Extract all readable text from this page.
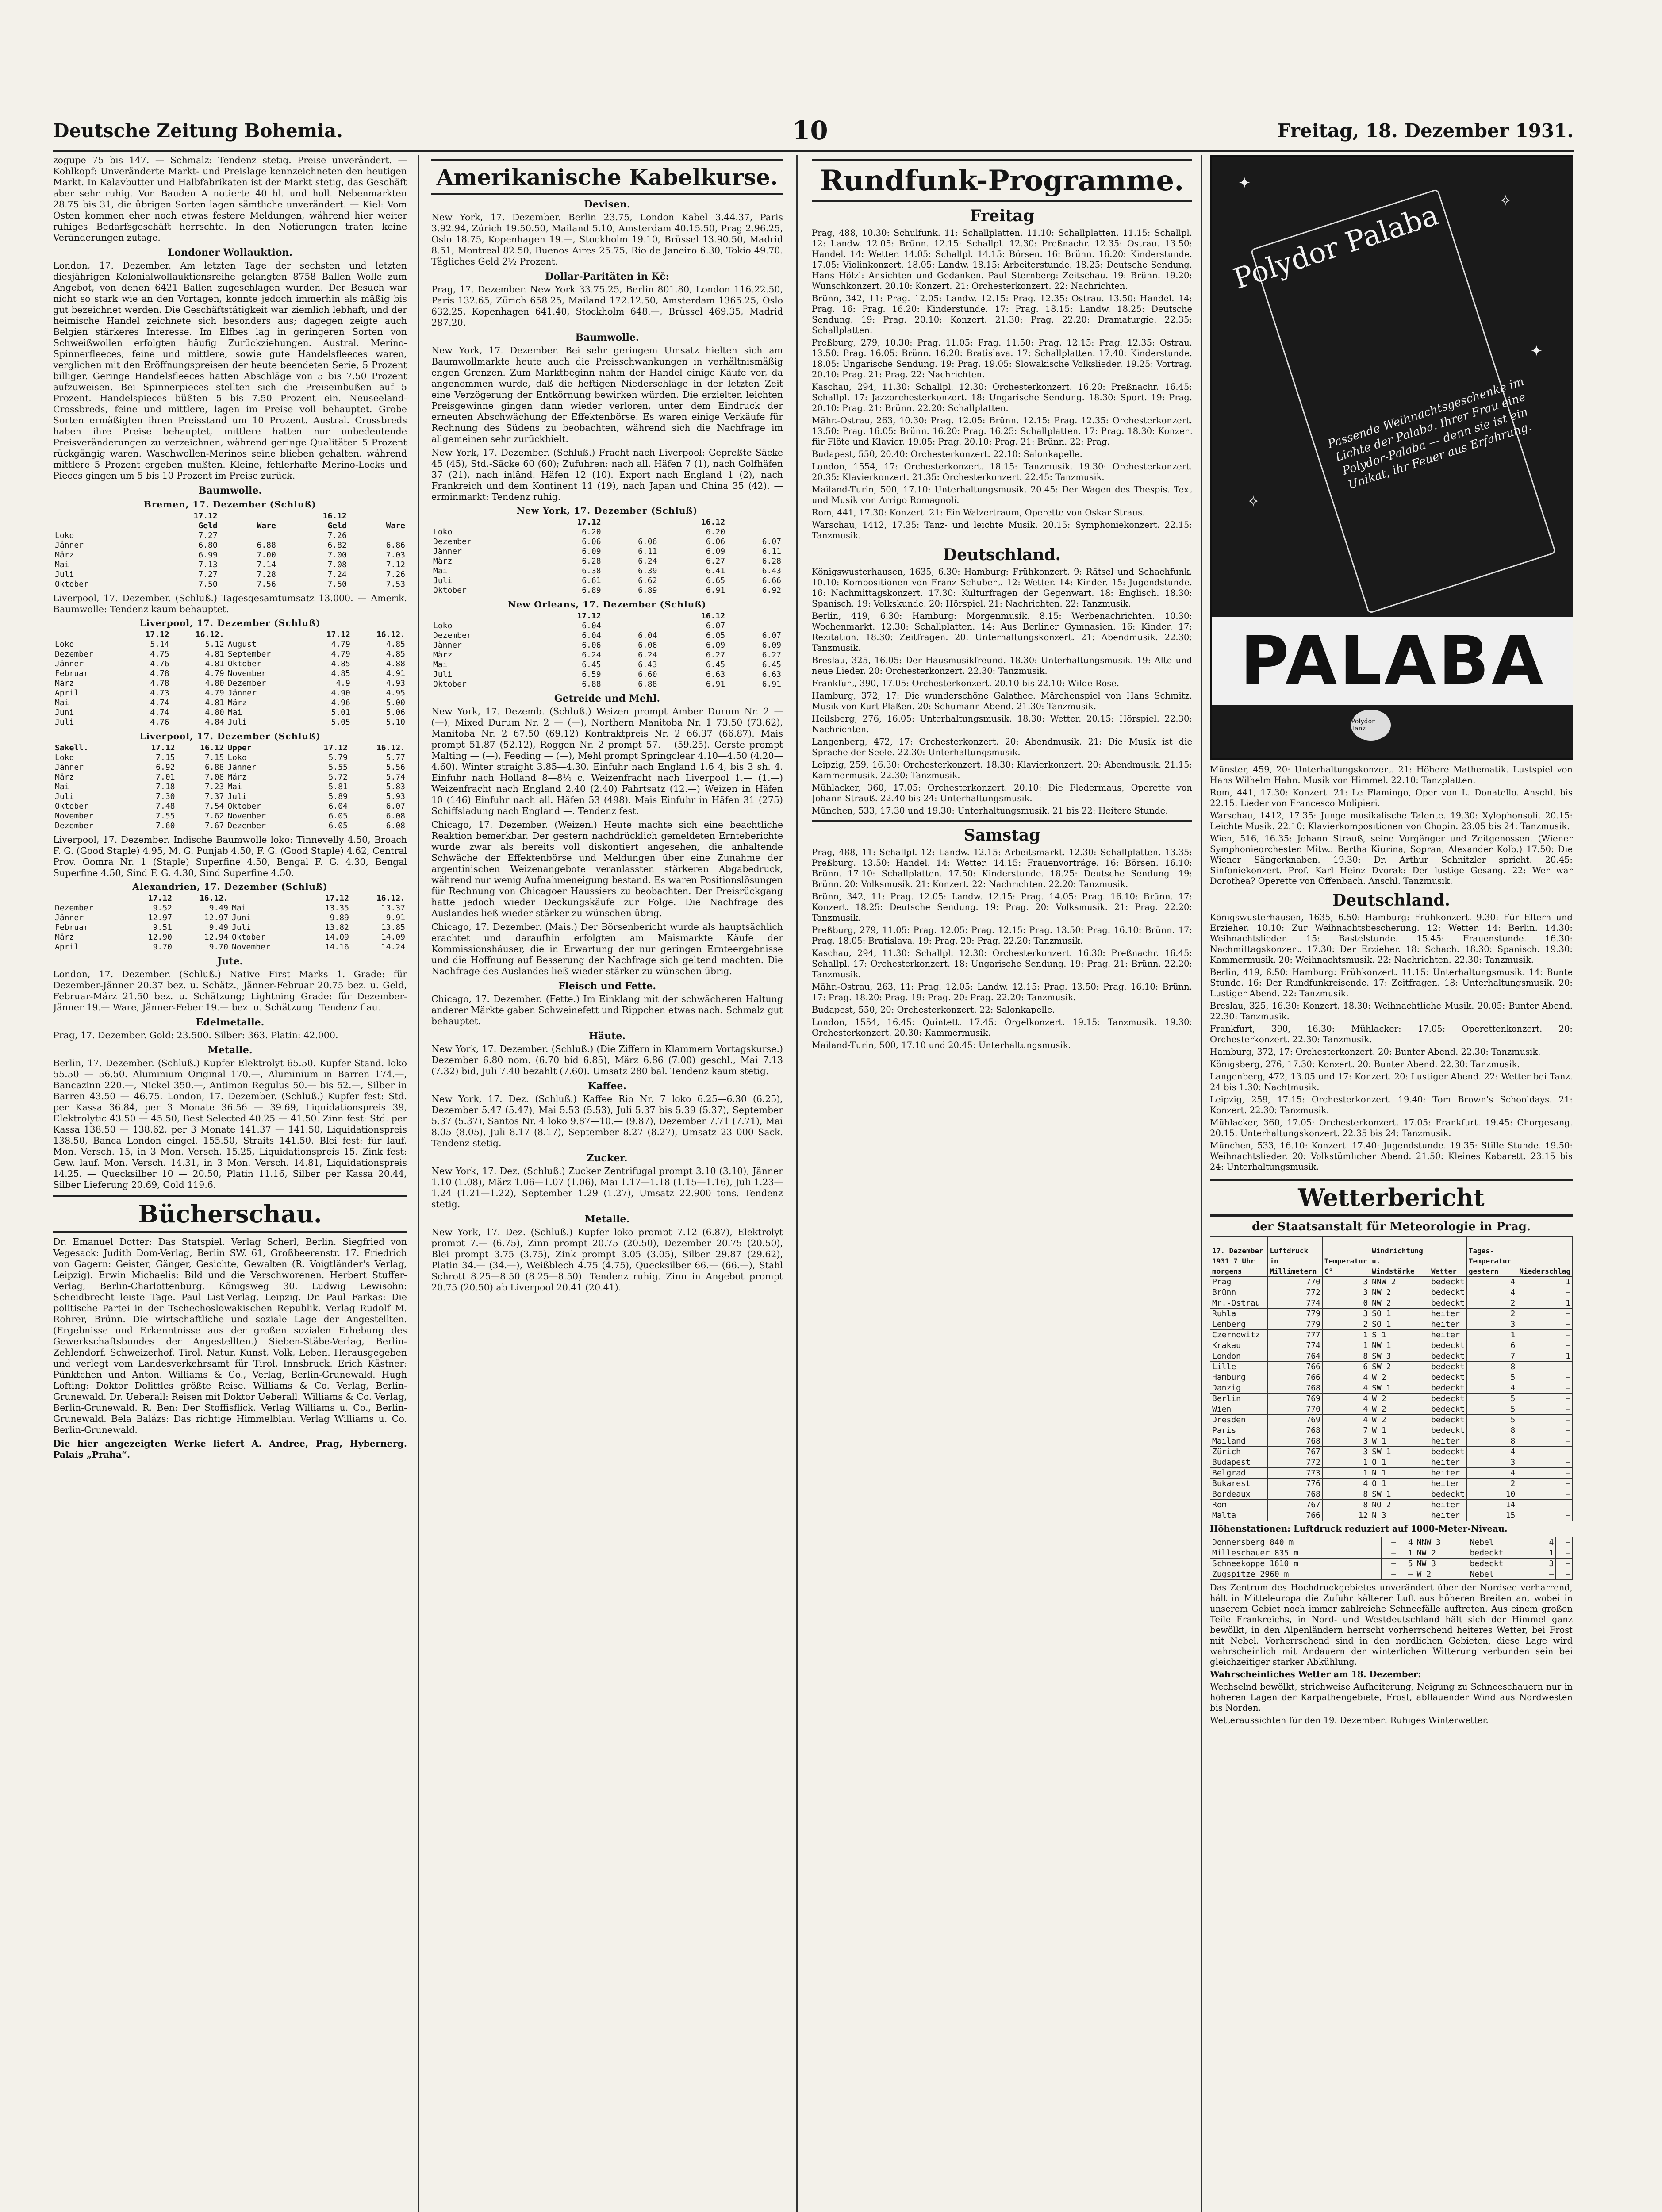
Deutsche Zeitung Bohemia.	10	Freitag, 18. Dezember 1931.

zogupe 75 bis 147. — Schmalz: Tendenz stetig. Preise unverändert. — Kohlkopf: Unveränderte Markt- und Preislage kennzeichneten den heutigen Markt. In Kalavbutter und Halbfabrikaten ist der Markt stetig, das Geschäft aber sehr ruhig. Von Bauden A notierte 40 hl. und holl. Nebenmarkten 28.75 bis 31, die übrigen Sorten lagen sämtliche unverändert. — Kiel: Vom Osten kommen eher noch etwas festere Meldungen, während hier weiter ruhiges Bedarfsgeschäft herrschte. In den Notierungen traten keine Veränderungen zutage.

Londoner Wollauktion.

London, 17. Dezember. Am letzten Tage der sechsten und letzten diesjährigen Kolonialwollauktionsreihe gelangten 8758 Ballen Wolle zum Angebot, von denen 6421 Ballen zugeschlagen wurden. Der Besuch war nicht so stark wie an den Vortagen, konnte jedoch immerhin als mäßig bis gut bezeichnet werden. Die Geschäftstätigkeit war ziemlich lebhaft, und der heimische Handel zeichnete sich besonders aus; dagegen zeigte auch Belgien stärkeres Interesse. Im Elfbes lag in geringeren Sorten von Schweißwollen erfolgten häufig Zurückziehungen. Austral. Merino-Spinnerfleeces, feine und mittlere, sowie gute Handelsfleeces waren, verglichen mit den Eröffnungspreisen der heute beendeten Serie, 5 Prozent billiger. Geringe Handelsfleeces hatten Abschläge von 5 bis 7.50 Prozent aufzuweisen. Bei Spinnerpieces stellten sich die Preiseinbußen auf 5 Prozent. Handelspieces büßten 5 bis 7.50 Prozent ein. Neuseeland-Crossbreds, feine und mittlere, lagen im Preise voll behauptet. Grobe Sorten ermäßigten ihren Preisstand um 10 Prozent. Austral. Crossbreds haben ihre Preise behauptet, mittlere hatten nur unbedeutende Preisveränderungen zu verzeichnen, während geringe Qualitäten 5 Prozent rückgängig waren. Waschwollen-Merinos seine blieben gehalten, während mittlere 5 Prozent ergeben mußten. Kleine, fehlerhafte Merino-Locks und Pieces gingen um 5 bis 10 Prozent im Preise zurück.

Baumwolle.
Bremen, 17. Dezember (Schluß)
	17.12		16.12	
	Geld	Ware	Geld	Ware
Loko	7.27		7.26	
Jänner	6.80	6.88	6.82	6.86
März	6.99	7.00	7.00	7.03
Mai	7.13	7.14	7.08	7.12
Juli	7.27	7.28	7.24	7.26
Oktober	7.50	7.56	7.50	7.53

Liverpool, 17. Dezember. (Schluß.) Tagesgesamtumsatz 13.000. — Amerik. Baumwolle: Tendenz kaum behauptet.

Liverpool, 17. Dezember (Schluß)
	17.12	16.12.		17.12	16.12.
Loko	5.14	5.12	August	4.79	4.85
Dezember	4.75	4.81	September	4.79	4.85
Jänner	4.76	4.81	Oktober	4.85	4.88
Februar	4.78	4.79	November	4.85	4.91
März	4.78	4.80	Dezember	4.9	4.93
April	4.73	4.79	Jänner	4.90	4.95
Mai	4.74	4.81	März	4.96	5.00
Juni	4.74	4.80	Mai	5.01	5.06
Juli	4.76	4.84	Juli	5.05	5.10
Liverpool, 17. Dezember (Schluß)
Sakell.	17.12	16.12	Upper	17.12	16.12.
Loko	7.15	7.15	Loko	5.79	5.77
Jänner	6.92	6.88	Jänner	5.55	5.56
März	7.01	7.08	März	5.72	5.74
Mai	7.18	7.23	Mai	5.81	5.83
Juli	7.30	7.37	Juli	5.89	5.93
Oktober	7.48	7.54	Oktober	6.04	6.07
November	7.55	7.62	November	6.05	6.08
Dezember	7.60	7.67	Dezember	6.05	6.08

Liverpool, 17. Dezember. Indische Baumwolle loko: Tinnevelly 4.50, Broach F. G. (Good Staple) 4.95, M. G. Punjab 4.50, F. G. (Good Staple) 4.62, Central Prov. Oomra Nr. 1 (Staple) Superfine 4.50, Bengal F. G. 4.30, Bengal Superfine 4.50, Sind F. G. 4.30, Sind Superfine 4.50.

Alexandrien, 17. Dezember (Schluß)
	17.12	16.12.		17.12	16.12.
Dezember	9.52	9.49	Mai	13.35	13.37
Jänner	12.97	12.97	Juni	9.89	9.91
Februar	9.51	9.49	Juli	13.82	13.85
März	12.90	12.94	Oktober	14.09	14.09
April	9.70	9.70	November	14.16	14.24
Jute.

London, 17. Dezember. (Schluß.) Native First Marks 1. Grade: für Dezember-Jänner 20.37 bez. u. Schätz., Jänner-Februar 20.75 bez. u. Geld, Februar-März 21.50 bez. u. Schätzung; Lightning Grade: für Dezember-Jänner 19.— Ware, Jänner-Feber 19.— bez. u. Schätzung. Tendenz flau.

Edelmetalle.

Prag, 17. Dezember. Gold: 23.500. Silber: 363. Platin: 42.000.

Metalle.

Berlin, 17. Dezember. (Schluß.) Kupfer Elektrolyt 65.50. Kupfer Stand. loko 55.50 — 56.50. Aluminium Original 170.—, Aluminium in Barren 174.—, Bancazinn 220.—, Nickel 350.—, Antimon Regulus 50.— bis 52.—, Silber in Barren 43.50 — 46.75. London, 17. Dezember. (Schluß.) Kupfer fest: Std. per Kassa 36.84, per 3 Monate 36.56 — 39.69, Liquidationspreis 39, Elektrolytic 43.50 — 45.50, Best Selected 40.25 — 41.50. Zinn fest: Std. per Kassa 138.50 — 138.62, per 3 Monate 141.37 — 141.50, Liquidationspreis 138.50, Banca London eingel. 155.50, Straits 141.50. Blei fest: für lauf. Mon. Versch. 15, in 3 Mon. Versch. 15.25, Liquidationspreis 15. Zink fest: Gew. lauf. Mon. Versch. 14.31, in 3 Mon. Versch. 14.81, Liquidationspreis 14.25. — Quecksilber 10 — 20.50, Platin 11.16, Silber per Kassa 20.44, Silber Lieferung 20.69, Gold 119.6.

Bücherschau.

Dr. Emanuel Dotter: Das Statspiel. Verlag Scherl, Berlin. Siegfried von Vegesack: Judith Dom-Verlag, Berlin SW. 61, Großbeerenstr. 17. Friedrich von Gagern: Geister, Gänger, Gesichte, Gewalten (R. Voigtländer's Verlag, Leipzig). Erwin Michaelis: Bild und die Verschworenen. Herbert Stuffer-Verlag, Berlin-Charlottenburg, Königsweg 30. Ludwig Lewisohn: Scheidbrecht leiste Tage. Paul List-Verlag, Leipzig. Dr. Paul Farkas: Die politische Partei in der Tschechoslowakischen Republik. Verlag Rudolf M. Rohrer, Brünn. Die wirtschaftliche und soziale Lage der Angestellten. (Ergebnisse und Erkenntnisse aus der großen sozialen Erhebung des Gewerkschaftsbundes der Angestellten.) Sieben-Stäbe-Verlag, Berlin-Zehlendorf, Schweizerhof. Tirol. Natur, Kunst, Volk, Leben. Herausgegeben und verlegt vom Landesverkehrsamt für Tirol, Innsbruck. Erich Kästner: Pünktchen und Anton. Williams & Co., Verlag, Berlin-Grunewald. Hugh Lofting: Doktor Dolittles größte Reise. Williams & Co. Verlag, Berlin-Grunewald. Dr. Ueberall: Reisen mit Doktor Ueberall. Williams & Co. Verlag, Berlin-Grunewald. R. Ben: Der Stoffisflick. Verlag Williams u. Co., Berlin-Grunewald. Bela Balázs: Das richtige Himmelblau. Verlag Williams u. Co. Berlin-Grunewald.

Die hier angezeigten Werke liefert A. Andree, Prag, Hybernerg. Palais „Praha“.

Amerikanische Kabelkurse.
Devisen.

New York, 17. Dezember. Berlin 23.75, London Kabel 3.44.37, Paris 3.92.94, Zürich 19.50.50, Mailand 5.10, Amsterdam 40.15.50, Prag 2.96.25, Oslo 18.75, Kopenhagen 19.—, Stockholm 19.10, Brüssel 13.90.50, Madrid 8.51, Montreal 82.50, Buenos Aires 25.75, Rio de Janeiro 6.30, Tokio 49.70. Tägliches Geld 2½ Prozent.

Dollar-Paritäten in Kč:

Prag, 17. Dezember. New York 33.75.25, Berlin 801.80, London 116.22.50, Paris 132.65, Zürich 658.25, Mailand 172.12.50, Amsterdam 1365.25, Oslo 632.25, Kopenhagen 641.40, Stockholm 648.—, Brüssel 469.35, Madrid 287.20.

Baumwolle.

New York, 17. Dezember. Bei sehr geringem Umsatz hielten sich am Baumwollmarkte heute auch die Preisschwankungen in verhältnismäßig engen Grenzen. Zum Marktbeginn nahm der Handel einige Käufe vor, da angenommen wurde, daß die heftigen Niederschläge in der letzten Zeit eine Verzögerung der Entkörnung bewirken würden. Die erzielten leichten Preisgewinne gingen dann wieder verloren, unter dem Eindruck der erneuten Abschwächung der Effektenbörse. Es waren einige Verkäufe für Rechnung des Südens zu beobachten, während sich die Nachfrage im allgemeinen sehr zurückhielt.

New York, 17. Dezember. (Schluß.) Fracht nach Liverpool: Gepreßte Säcke 45 (45), Std.-Säcke 60 (60); Zufuhren: nach all. Häfen 7 (1), nach Golfhäfen 37 (21), nach inländ. Häfen 12 (10). Export nach England 1 (2), nach Frankreich und dem Kontinent 11 (19), nach Japan und China 35 (42). — erminmarkt: Tendenz ruhig.

New York, 17. Dezember (Schluß)
	17.12		16.12	
Loko	6.20		6.20	
Dezember	6.06	6.06	6.06	6.07
Jänner	6.09	6.11	6.09	6.11
März	6.28	6.24	6.27	6.28
Mai	6.38	6.39	6.41	6.43
Juli	6.61	6.62	6.65	6.66
Oktober	6.89	6.89	6.91	6.92
New Orleans, 17. Dezember (Schluß)
	17.12		16.12	
Loko	6.04		6.07	
Dezember	6.04	6.04	6.05	6.07
Jänner	6.06	6.06	6.09	6.09
März	6.24	6.24	6.27	6.27
Mai	6.45	6.43	6.45	6.45
Juli	6.59	6.60	6.63	6.63
Oktober	6.88	6.88	6.91	6.91
Getreide und Mehl.

New York, 17. Dezemb. (Schluß.) Weizen prompt Amber Durum Nr. 2 — (—), Mixed Durum Nr. 2 — (—), Northern Manitoba Nr. 1 73.50 (73.62), Manitoba Nr. 2 67.50 (69.12) Kontraktpreis Nr. 2 66.37 (66.87). Mais prompt 51.87 (52.12), Roggen Nr. 2 prompt 57.— (59.25). Gerste prompt Malting — (—), Feeding — (—), Mehl prompt Springclear 4.10—4.50 (4.20—4.60). Winter straight 3.85—4.30. Einfuhr nach England 1.6 4, bis 3 sh. 4. Einfuhr nach Holland 8—8¼ c. Weizenfracht nach Liverpool 1.— (1.—) Weizenfracht nach England 2.40 (2.40) Fahrtsatz (12.—) Weizen in Häfen 10 (146) Einfuhr nach all. Häfen 53 (498). Mais Einfuhr in Häfen 31 (275) Schiffsladung nach England —. Tendenz fest.

Chicago, 17. Dezember. (Weizen.) Heute machte sich eine beachtliche Reaktion bemerkbar. Der gestern nachdrücklich gemeldeten Ernteberichte wurde zwar als bereits voll diskontiert angesehen, die anhaltende Schwäche der Effektenbörse und Meldungen über eine Zunahme der argentinischen Weizenangebote veranlassten stärkeren Abgabedruck, während nur wenig Aufnahmeneigung bestand. Es waren Positionslösungen für Rechnung von Chicagoer Haussiers zu beobachten. Der Preisrückgang hatte jedoch wieder Deckungskäufe zur Folge. Die Nachfrage des Auslandes ließ wieder stärker zu wünschen übrig.

Chicago, 17. Dezember. (Mais.) Der Börsenbericht wurde als hauptsächlich erachtet und daraufhin erfolgten am Maismarkte Käufe der Kommissionshäuser, die in Erwartung der nur geringen Ernteergebnisse und die Hoffnung auf Besserung der Nachfrage sich geltend machten. Die Nachfrage des Auslandes ließ wieder stärker zu wünschen übrig.

Fleisch und Fette.

Chicago, 17. Dezember. (Fette.) Im Einklang mit der schwächeren Haltung anderer Märkte gaben Schweinefett und Rippchen etwas nach. Schmalz gut behauptet.

Häute.

New York, 17. Dezember. (Schluß.) (Die Ziffern in Klammern Vortagskurse.) Dezember 6.80 nom. (6.70 bid 6.85), März 6.86 (7.00) geschl., Mai 7.13 (7.32) bid, Juli 7.40 bezahlt (7.60). Umsatz 280 bal. Tendenz kaum stetig.

Kaffee.

New York, 17. Dez. (Schluß.) Kaffee Rio Nr. 7 loko 6.25—6.30 (6.25), Dezember 5.47 (5.47), Mai 5.53 (5.53), Juli 5.37 bis 5.39 (5.37), September 5.37 (5.37), Santos Nr. 4 loko 9.87—10.— (9.87), Dezember 7.71 (7.71), Mai 8.05 (8.05), Juli 8.17 (8.17), September 8.27 (8.27), Umsatz 23 000 Sack. Tendenz stetig.

Zucker.

New York, 17. Dez. (Schluß.) Zucker Zentrifugal prompt 3.10 (3.10), Jänner 1.10 (1.08), März 1.06—1.07 (1.06), Mai 1.17—1.18 (1.15—1.16), Juli 1.23—1.24 (1.21—1.22), September 1.29 (1.27), Umsatz 22.900 tons. Tendenz stetig.

Metalle.

New York, 17. Dez. (Schluß.) Kupfer loko prompt 7.12 (6.87), Elektrolyt prompt 7.— (6.75), Zinn prompt 20.75 (20.50), Dezember 20.75 (20.50), Blei prompt 3.75 (3.75), Zink prompt 3.05 (3.05), Silber 29.87 (29.62), Platin 34.— (34.—), Weißblech 4.75 (4.75), Quecksilber 66.— (66.—), Stahl Schrott 8.25—8.50 (8.25—8.50). Tendenz ruhig. Zinn in Angebot prompt 20.75 (20.50) ab Liverpool 20.41 (20.41).

Rundfunk-Programme.
Freitag

Prag, 488, 10.30: Schulfunk. 11: Schallplatten. 11.10: Schallplatten. 11.15: Schallpl. 12: Landw. 12.05: Brünn. 12.15: Schallpl. 12.30: Preßnachr. 12.35: Ostrau. 13.50: Handel. 14: Wetter. 14.05: Schallpl. 14.15: Börsen. 16: Brünn. 16.20: Kinderstunde. 17.05: Violinkonzert. 18.05: Landw. 18.15: Arbeiterstunde. 18.25: Deutsche Sendung. Hans Hölzl: Ansichten und Gedanken. Paul Sternberg: Zeitschau. 19: Brünn. 19.20: Wunschkonzert. 20.10: Konzert. 21: Orchesterkonzert. 22: Nachrichten.

Brünn, 342, 11: Prag. 12.05: Landw. 12.15: Prag. 12.35: Ostrau. 13.50: Handel. 14: Prag. 16: Prag. 16.20: Kinderstunde. 17: Prag. 18.15: Landw. 18.25: Deutsche Sendung. 19: Prag. 20.10: Konzert. 21.30: Prag. 22.20: Dramaturgie. 22.35: Schallplatten.

Preßburg, 279, 10.30: Prag. 11.05: Prag. 11.50: Prag. 12.15: Prag. 12.35: Ostrau. 13.50: Prag. 16.05: Brünn. 16.20: Bratislava. 17: Schallplatten. 17.40: Kinderstunde. 18.05: Ungarische Sendung. 19: Prag. 19.05: Slowakische Volkslieder. 19.25: Vortrag. 20.10: Prag. 21: Prag. 22: Nachrichten.

Kaschau, 294, 11.30: Schallpl. 12.30: Orchesterkonzert. 16.20: Preßnachr. 16.45: Schallpl. 17: Jazzorchesterkonzert. 18: Ungarische Sendung. 18.30: Sport. 19: Prag. 20.10: Prag. 21: Brünn. 22.20: Schallplatten.

Mähr.-Ostrau, 263, 10.30: Prag. 12.05: Brünn. 12.15: Prag. 12.35: Orchesterkonzert. 13.50: Prag. 16.05: Brünn. 16.20: Prag. 16.25: Schallplatten. 17: Prag. 18.30: Konzert für Flöte und Klavier. 19.05: Prag. 20.10: Prag. 21: Brünn. 22: Prag.

Budapest, 550, 20.40: Orchesterkonzert. 22.10: Salonkapelle.

London, 1554, 17: Orchesterkonzert. 18.15: Tanzmusik. 19.30: Orchesterkonzert. 20.35: Klavierkonzert. 21.35: Orchesterkonzert. 22.45: Tanzmusik.

Mailand-Turin, 500, 17.10: Unterhaltungsmusik. 20.45: Der Wagen des Thespis. Text und Musik von Arrigo Romagnoli.

Rom, 441, 17.30: Konzert. 21: Ein Walzertraum, Operette von Oskar Straus.

Warschau, 1412, 17.35: Tanz- und leichte Musik. 20.15: Symphoniekonzert. 22.15: Tanzmusik.

Deutschland.

Königswusterhausen, 1635, 6.30: Hamburg: Frühkonzert. 9: Rätsel und Schachfunk. 10.10: Kompositionen von Franz Schubert. 12: Wetter. 14: Kinder. 15: Jugendstunde. 16: Nachmittagskonzert. 17.30: Kulturfragen der Gegenwart. 18: Englisch. 18.30: Spanisch. 19: Volkskunde. 20: Hörspiel. 21: Nachrichten. 22: Tanzmusik.

Berlin, 419, 6.30: Hamburg: Morgenmusik. 8.15: Werbenachrichten. 10.30: Wochenmarkt. 12.30: Schallplatten. 14: Aus Berliner Gymnasien. 16: Kinder. 17: Rezitation. 18.30: Zeitfragen. 20: Unterhaltungskonzert. 21: Abendmusik. 22.30: Tanzmusik.

Breslau, 325, 16.05: Der Hausmusikfreund. 18.30: Unterhaltungsmusik. 19: Alte und neue Lieder. 20: Orchesterkonzert. 22.30: Tanzmusik.

Frankfurt, 390, 17.05: Orchesterkonzert. 20.10 bis 22.10: Wilde Rose.

Hamburg, 372, 17: Die wunderschöne Galathee. Märchenspiel von Hans Schmitz. Musik von Kurt Plaßen. 20: Schumann-Abend. 21.30: Tanzmusik.

Heilsberg, 276, 16.05: Unterhaltungsmusik. 18.30: Wetter. 20.15: Hörspiel. 22.30: Nachrichten.

Langenberg, 472, 17: Orchesterkonzert. 20: Abendmusik. 21: Die Musik ist die Sprache der Seele. 22.30: Unterhaltungsmusik.

Leipzig, 259, 16.30: Orchesterkonzert. 18.30: Klavierkonzert. 20: Abendmusik. 21.15: Kammermusik. 22.30: Tanzmusik.

Mühlacker, 360, 17.05: Orchesterkonzert. 20.10: Die Fledermaus, Operette von Johann Strauß. 22.40 bis 24: Unterhaltungsmusik.

München, 533, 17.30 und 19.30: Unterhaltungsmusik. 21 bis 22: Heitere Stunde.

Samstag

Prag, 488, 11: Schallpl. 12: Landw. 12.15: Arbeitsmarkt. 12.30: Schallplatten. 13.35: Preßburg. 13.50: Handel. 14: Wetter. 14.15: Frauenvorträge. 16: Börsen. 16.10: Brünn. 17.10: Schallplatten. 17.50: Kinderstunde. 18.25: Deutsche Sendung. 19: Brünn. 20: Volksmusik. 21: Konzert. 22: Nachrichten. 22.20: Tanzmusik.

Brünn, 342, 11: Prag. 12.05: Landw. 12.15: Prag. 14.05: Prag. 16.10: Brünn. 17: Konzert. 18.25: Deutsche Sendung. 19: Prag. 20: Volksmusik. 21: Prag. 22.20: Tanzmusik.

Preßburg, 279, 11.05: Prag. 12.05: Prag. 12.15: Prag. 13.50: Prag. 16.10: Brünn. 17: Prag. 18.05: Bratislava. 19: Prag. 20: Prag. 22.20: Tanzmusik.

Kaschau, 294, 11.30: Schallpl. 12.30: Orchesterkonzert. 16.30: Preßnachr. 16.45: Schallpl. 17: Orchesterkonzert. 18: Ungarische Sendung. 19: Prag. 21: Brünn. 22.20: Tanzmusik.

Mähr.-Ostrau, 263, 11: Prag. 12.05: Landw. 12.15: Prag. 13.50: Prag. 16.10: Brünn. 17: Prag. 18.20: Prag. 19: Prag. 20: Prag. 22.20: Tanzmusik.

Budapest, 550, 20: Orchesterkonzert. 22: Salonkapelle.

London, 1554, 16.45: Quintett. 17.45: Orgelkonzert. 19.15: Tanzmusik. 19.30: Orchesterkonzert. 20.30: Kammermusik.

Mailand-Turin, 500, 17.10 und 20.45: Unterhaltungsmusik.

✦
✧
✦
✧
Polydor Palaba
Passende Weihnachtsgeschenke im Lichte der Palaba. Ihrer Frau eine Polydor-Palaba — denn sie ist ein Unikat, ihr Feuer aus Erfahrung.
PALABA
Polydor Tanz

Münster, 459, 20: Unterhaltungskonzert. 21: Höhere Mathematik. Lustspiel von Hans Wilhelm Hahn. Musik von Himmel. 22.10: Tanzplatten.

Rom, 441, 17.30: Konzert. 21: Le Flamingo, Oper von L. Donatello. Anschl. bis 22.15: Lieder von Francesco Molipieri.

Warschau, 1412, 17.35: Junge musikalische Talente. 19.30: Xylophonsoli. 20.15: Leichte Musik. 22.10: Klavierkompositionen von Chopin. 23.05 bis 24: Tanzmusik.

Wien, 516, 16.35: Johann Strauß, seine Vorgänger und Zeitgenossen. (Wiener Symphonieorchester. Mitw.: Bertha Kiurina, Sopran, Alexander Kolb.) 17.50: Die Wiener Sängerknaben. 19.30: Dr. Arthur Schnitzler spricht. 20.45: Sinfoniekonzert. Prof. Karl Heinz Dvorak: Der lustige Gesang. 22: Wer war Dorothea? Operette von Offenbach. Anschl. Tanzmusik.

Deutschland.

Königswusterhausen, 1635, 6.50: Hamburg: Frühkonzert. 9.30: Für Eltern und Erzieher. 10.10: Zur Weihnachtsbescherung. 12: Wetter. 14: Berlin. 14.30: Weihnachtslieder. 15: Bastelstunde. 15.45: Frauenstunde. 16.30: Nachmittagskonzert. 17.30: Der Erzieher. 18: Schach. 18.30: Spanisch. 19.30: Kammermusik. 20: Weihnachtsmusik. 22: Nachrichten. 22.30: Tanzmusik.

Berlin, 419, 6.50: Hamburg: Frühkonzert. 11.15: Unterhaltungsmusik. 14: Bunte Stunde. 16: Der Rundfunkreisende. 17: Zeitfragen. 18: Unterhaltungsmusik. 20: Lustiger Abend. 22: Tanzmusik.

Breslau, 325, 16.30: Konzert. 18.30: Weihnachtliche Musik. 20.05: Bunter Abend. 22.30: Tanzmusik.

Frankfurt, 390, 16.30: Mühlacker: 17.05: Operettenkonzert. 20: Orchesterkonzert. 22.30: Tanzmusik.

Hamburg, 372, 17: Orchesterkonzert. 20: Bunter Abend. 22.30: Tanzmusik.

Königsberg, 276, 17.30: Konzert. 20: Bunter Abend. 22.30: Tanzmusik.

Langenberg, 472, 13.05 und 17: Konzert. 20: Lustiger Abend. 22: Wetter bei Tanz. 24 bis 1.30: Nachtmusik.

Leipzig, 259, 17.15: Orchesterkonzert. 19.40: Tom Brown's Schooldays. 21: Konzert. 22.30: Tanzmusik.

Mühlacker, 360, 17.05: Orchesterkonzert. 17.05: Frankfurt. 19.45: Chorgesang. 20.15: Unterhaltungskonzert. 22.35 bis 24: Tanzmusik.

München, 533, 16.10: Konzert. 17.40: Jugendstunde. 19.35: Stille Stunde. 19.50: Weihnachtslieder. 20: Volkstümlicher Abend. 21.50: Kleines Kabarett. 23.15 bis 24: Unterhaltungsmusik.

Wetterbericht
der Staatsanstalt für Meteorologie in Prag.
17. Dezember 1931 7 Uhr morgens	Luftdruck in Millimetern	Temperatur C°	Windrichtung u. Windstärke	Wetter	Tages-Temperatur gestern	Niederschlag
Prag	770	3	NNW 2	bedeckt	4	1
Brünn	772	3	NW 2	bedeckt	4	—
Mr.-Ostrau	774	0	NW 2	bedeckt	2	1
Ruhla	779	3	SO 1	heiter	2	—
Lemberg	779	2	SO 1	heiter	3	—
Czernowitz	777	1	S 1	heiter	1	—
Krakau	774	1	NW 1	bedeckt	6	—
London	764	8	SW 3	bedeckt	7	1
Lille	766	6	SW 2	bedeckt	8	—
Hamburg	766	4	W 2	bedeckt	5	—
Danzig	768	4	SW 1	bedeckt	4	—
Berlin	769	4	W 2	bedeckt	5	—
Wien	770	4	W 2	bedeckt	5	—
Dresden	769	4	W 2	bedeckt	5	—
Paris	768	7	W 1	bedeckt	8	—
Mailand	768	3	W 1	heiter	8	—
Zürich	767	3	SW 1	bedeckt	4	—
Budapest	772	1	O 1	heiter	3	—
Belgrad	773	1	N 1	heiter	4	—
Bukarest	776	4	O 1	heiter	2	—
Bordeaux	768	8	SW 1	bedeckt	10	—
Rom	767	8	NO 2	heiter	14	—
Malta	766	12	N 3	heiter	15	—

Höhenstationen: Luftdruck reduziert auf 1000-Meter-Niveau.

Donnersberg 840 m	—	4	NNW 3	Nebel	4	—
Milleschauer 835 m	—	1	NW 2	bedeckt	1	—
Schneekoppe 1610 m	—	5	NW 3	bedeckt	3	—
Zugspitze 2960 m	—	—	W 2	Nebel	—	—

Das Zentrum des Hochdruckgebietes unverändert über der Nordsee verharrend, hält in Mitteleuropa die Zufuhr kälterer Luft aus höheren Breiten an, wobei in unserem Gebiet noch immer zahlreiche Schneefälle auftreten. Aus einem großen Teile Frankreichs, in Nord- und Westdeutschland hält sich der Himmel ganz bewölkt, in den Alpenländern herrscht vorherrschend heiteres Wetter, bei Frost mit Nebel. Vorherrschend sind in den nordlichen Gebieten, diese Lage wird wahrscheinlich mit Andauern der winterlichen Witterung verbunden sein bei gleichzeitiger starker Abkühlung.

Wahrscheinliches Wetter am 18. Dezember:

Wechselnd bewölkt, strichweise Aufheiterung, Neigung zu Schneeschauern nur in höheren Lagen der Karpathengebiete, Frost, abflauender Wind aus Nordwesten bis Norden.

Wetteraussichten für den 19. Dezember: Ruhiges Winterwetter.
